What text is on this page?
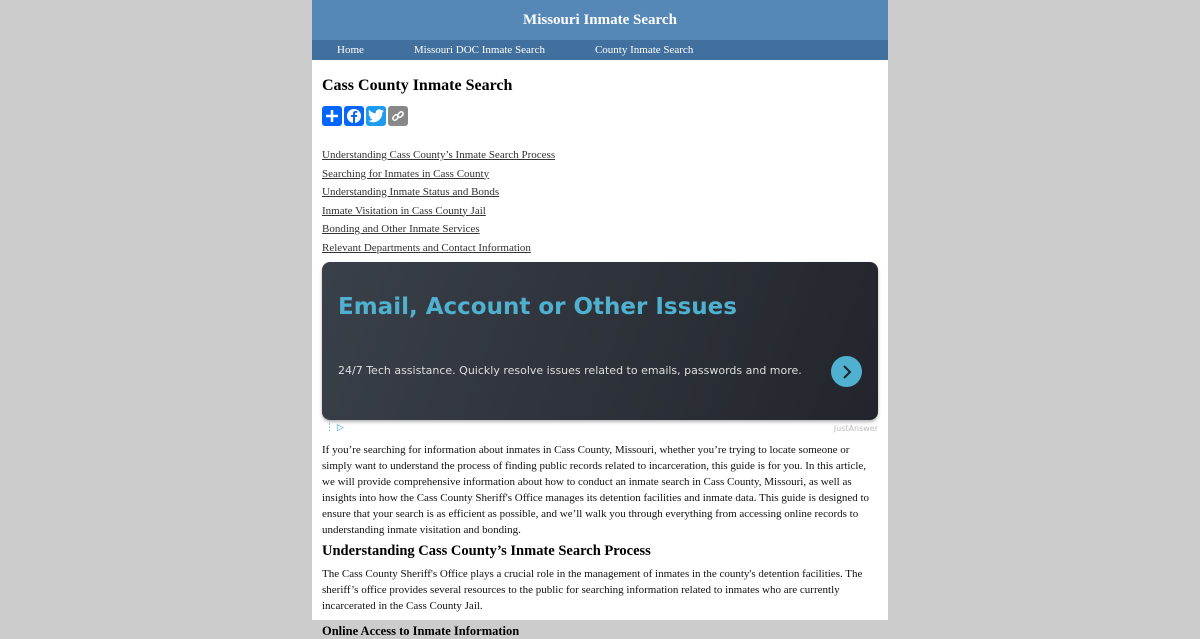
Missouri Inmate Search
Home	Missouri DOC Inmate Search	County Inmate Search
Cass County Inmate Search
Understanding Cass County’s Inmate Search Process
Searching for Inmates in Cass County
Understanding Inmate Status and Bonds
Inmate Visitation in Cass County Jail
Bonding and Other Inmate Services
Relevant Departments and Contact Information
Email, Account or Other Issues
24/7 Tech assistance. Quickly resolve issues related to emails, passwords and more.
⋮ ▷	JustAnswer

If you’re searching for information about inmates in Cass County, Missouri, whether you’re trying to locate someone or simply want to understand the process of finding public records related to incarceration, this guide is for you. In this article, we will provide comprehensive information about how to conduct an inmate search in Cass County, Missouri, as well as insights into how the Cass County Sheriff's Office manages its detention facilities and inmate data. This guide is designed to ensure that your search is as efficient as possible, and we’ll walk you through everything from accessing online records to understanding inmate visitation and bonding.

Understanding Cass County’s Inmate Search Process

The Cass County Sheriff's Office plays a crucial role in the management of inmates in the county's detention facilities. The sheriff’s office provides several resources to the public for searching information related to inmates who are currently incarcerated in the Cass County Jail.

Online Access to Inmate Information
